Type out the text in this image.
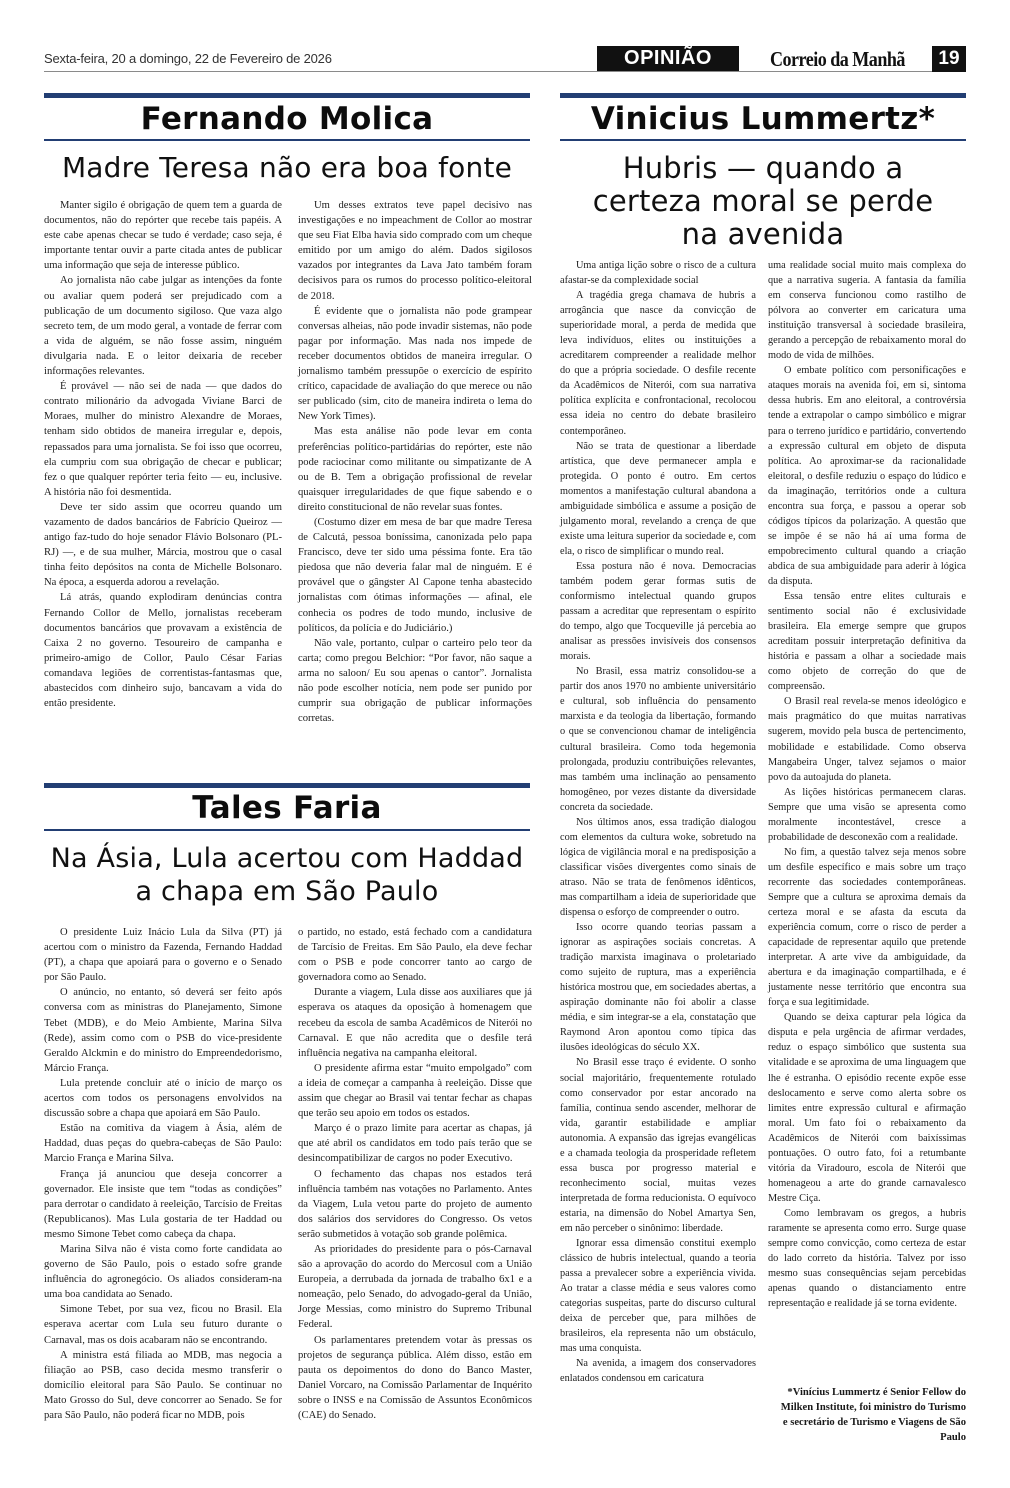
Sexta-feira, 20 a domingo, 22 de Fevereiro de 2026	OPINIÃO	Correio da Manhã	19
Fernando Molica
Madre Teresa não era boa fonte

Manter sigilo é obrigação de quem tem a guarda de documentos, não do repórter que recebe tais papéis. A este cabe apenas checar se tudo é verdade; caso seja, é importante tentar ouvir a parte citada antes de publicar uma informação que seja de interesse público.

Ao jornalista não cabe julgar as intenções da fonte ou avaliar quem poderá ser prejudicado com a publicação de um documento sigiloso. Que vaza algo secreto tem, de um modo geral, a vontade de ferrar com a vida de alguém, se não fosse assim, ninguém divulgaria nada. E o leitor deixaria de receber informações relevantes.

É provável — não sei de nada — que dados do contrato milionário da advogada Viviane Barci de Moraes, mulher do ministro Alexandre de Moraes, tenham sido obtidos de maneira irregular e, depois, repassados para uma jornalista. Se foi isso que ocorreu, ela cumpriu com sua obrigação de checar e publicar; fez o que qualquer repórter teria feito — eu, inclusive. A história não foi desmentida.

Deve ter sido assim que ocorreu quando um vazamento de dados bancários de Fabrício Queiroz — antigo faz-tudo do hoje senador Flávio Bolsonaro (PL-RJ) —, e de sua mulher, Márcia, mostrou que o casal tinha feito depósitos na conta de Michelle Bolsonaro. Na época, a esquerda adorou a revelação.

Lá atrás, quando explodiram denúncias contra Fernando Collor de Mello, jornalistas receberam documentos bancários que provavam a existência de Caixa 2 no governo. Tesoureiro de campanha e primeiro-amigo de Collor, Paulo César Farias comandava legiões de correntistas-fantasmas que, abastecidos com dinheiro sujo, bancavam a vida do então presidente.

Um desses extratos teve papel decisivo nas investigações e no impeachment de Collor ao mostrar que seu Fiat Elba havia sido comprado com um cheque emitido por um amigo do além. Dados sigilosos vazados por integrantes da Lava Jato também foram decisivos para os rumos do processo político-eleitoral de 2018.

É evidente que o jornalista não pode grampear conversas alheias, não pode invadir sistemas, não pode pagar por informação. Mas nada nos impede de receber documentos obtidos de maneira irregular. O jornalismo também pressupõe o exercício de espírito crítico, capacidade de avaliação do que merece ou não ser publicado (sim, cito de maneira indireta o lema do New York Times).

Mas esta análise não pode levar em conta preferências político-partidárias do repórter, este não pode raciocinar como militante ou simpatizante de A ou de B. Tem a obrigação profissional de revelar quaisquer irregularidades de que fique sabendo e o direito constitucional de não revelar suas fontes.

(Costumo dizer em mesa de bar que madre Teresa de Calcutá, pessoa boníssima, canonizada pelo papa Francisco, deve ter sido uma péssima fonte. Era tão piedosa que não deveria falar mal de ninguém. E é provável que o gângster Al Capone tenha abastecido jornalistas com ótimas informações — afinal, ele conhecia os podres de todo mundo, inclusive de políticos, da polícia e do Judiciário.)

Não vale, portanto, culpar o carteiro pelo teor da carta; como pregou Belchior: “Por favor, não saque a arma no saloon/ Eu sou apenas o cantor”. Jornalista não pode escolher notícia, nem pode ser punido por cumprir sua obrigação de publicar informações corretas.

Tales Faria
Na Ásia, Lula acertou com Haddad a chapa em São Paulo

O presidente Luiz Inácio Lula da Silva (PT) já acertou com o ministro da Fazenda, Fernando Haddad (PT), a chapa que apoiará para o governo e o Senado por São Paulo.

O anúncio, no entanto, só deverá ser feito após conversa com as ministras do Planejamento, Simone Tebet (MDB), e do Meio Ambiente, Marina Silva (Rede), assim como com o PSB do vice-presidente Geraldo Alckmin e do ministro do Empreendedorismo, Márcio França.

Lula pretende concluir até o início de março os acertos com todos os personagens envolvidos na discussão sobre a chapa que apoiará em São Paulo.

Estão na comitiva da viagem à Ásia, além de Haddad, duas peças do quebra-cabeças de São Paulo: Marcio França e Marina Silva.

França já anunciou que deseja concorrer a governador. Ele insiste que tem “todas as condições” para derrotar o candidato à reeleição, Tarcísio de Freitas (Republicanos). Mas Lula gostaria de ter Haddad ou mesmo Simone Tebet como cabeça da chapa.

Marina Silva não é vista como forte candidata ao governo de São Paulo, pois o estado sofre grande influência do agronegócio. Os aliados consideram-na uma boa candidata ao Senado.

Simone Tebet, por sua vez, ficou no Brasil. Ela esperava acertar com Lula seu futuro durante o Carnaval, mas os dois acabaram não se encontrando.

A ministra está filiada ao MDB, mas negocia a filiação ao PSB, caso decida mesmo transferir o domicílio eleitoral para São Paulo. Se continuar no Mato Grosso do Sul, deve concorrer ao Senado. Se for para São Paulo, não poderá ficar no MDB, pois

o partido, no estado, está fechado com a candidatura de Tarcísio de Freitas. Em São Paulo, ela deve fechar com o PSB e pode concorrer tanto ao cargo de governadora como ao Senado.

Durante a viagem, Lula disse aos auxiliares que já esperava os ataques da oposição à homenagem que recebeu da escola de samba Acadêmicos de Niterói no Carnaval. E que não acredita que o desfile terá influência negativa na campanha eleitoral.

O presidente afirma estar “muito empolgado” com a ideia de começar a campanha à reeleição. Disse que assim que chegar ao Brasil vai tentar fechar as chapas que terão seu apoio em todos os estados.

Março é o prazo limite para acertar as chapas, já que até abril os candidatos em todo país terão que se desincompatibilizar de cargos no poder Executivo.

O fechamento das chapas nos estados terá influência também nas votações no Parlamento. Antes da Viagem, Lula vetou parte do projeto de aumento dos salários dos servidores do Congresso. Os vetos serão submetidos à votação sob grande polêmica.

As prioridades do presidente para o pós-Carnaval são a aprovação do acordo do Mercosul com a União Europeia, a derrubada da jornada de trabalho 6x1 e a nomeação, pelo Senado, do advogado-geral da União, Jorge Messias, como ministro do Supremo Tribunal Federal.

Os parlamentares pretendem votar às pressas os projetos de segurança pública. Além disso, estão em pauta os depoimentos do dono do Banco Master, Daniel Vorcaro, na Comissão Parlamentar de Inquérito sobre o INSS e na Comissão de Assuntos Econômicos (CAE) do Senado.

Vinicius Lummertz*
Hubris — quando a certeza moral se perde na avenida

Uma antiga lição sobre o risco de a cultura afastar-se da complexidade social

A tragédia grega chamava de hubris a arrogância que nasce da convicção de superioridade moral, a perda de medida que leva indivíduos, elites ou instituições a acreditarem compreender a realidade melhor do que a própria sociedade. O desfile recente da Acadêmicos de Niterói, com sua narrativa política explícita e confrontacional, recolocou essa ideia no centro do debate brasileiro contemporâneo.

Não se trata de questionar a liberdade artística, que deve permanecer ampla e protegida. O ponto é outro. Em certos momentos a manifestação cultural abandona a ambiguidade simbólica e assume a posição de julgamento moral, revelando a crença de que existe uma leitura superior da sociedade e, com ela, o risco de simplificar o mundo real.

Essa postura não é nova. Democracias também podem gerar formas sutis de conformismo intelectual quando grupos passam a acreditar que representam o espírito do tempo, algo que Tocqueville já percebia ao analisar as pressões invisíveis dos consensos morais.

No Brasil, essa matriz consolidou-se a partir dos anos 1970 no ambiente universitário e cultural, sob influência do pensamento marxista e da teologia da libertação, formando o que se convencionou chamar de inteligência cultural brasileira. Como toda hegemonia prolongada, produziu contribuições relevantes, mas também uma inclinação ao pensamento homogêneo, por vezes distante da diversidade concreta da sociedade.

Nos últimos anos, essa tradição dialogou com elementos da cultura woke, sobretudo na lógica de vigilância moral e na predisposição a classificar visões divergentes como sinais de atraso. Não se trata de fenômenos idênticos, mas compartilham a ideia de superioridade que dispensa o esforço de compreender o outro.

Isso ocorre quando teorias passam a ignorar as aspirações sociais concretas. A tradição marxista imaginava o proletariado como sujeito de ruptura, mas a experiência histórica mostrou que, em sociedades abertas, a aspiração dominante não foi abolir a classe média, e sim integrar-se a ela, constatação que Raymond Aron apontou como típica das ilusões ideológicas do século XX.

No Brasil esse traço é evidente. O sonho social majoritário, frequentemente rotulado como conservador por estar ancorado na família, continua sendo ascender, melhorar de vida, garantir estabilidade e ampliar autonomia. A expansão das igrejas evangélicas e a chamada teologia da prosperidade refletem essa busca por progresso material e reconhecimento social, muitas vezes interpretada de forma reducionista. O equívoco estaria, na dimensão do Nobel Amartya Sen, em não perceber o sinônimo: liberdade.

Ignorar essa dimensão constitui exemplo clássico de hubris intelectual, quando a teoria passa a prevalecer sobre a experiência vivida. Ao tratar a classe média e seus valores como categorias suspeitas, parte do discurso cultural deixa de perceber que, para milhões de brasileiros, ela representa não um obstáculo, mas uma conquista.

Na avenida, a imagem dos conservadores enlatados condensou em caricatura

uma realidade social muito mais complexa do que a narrativa sugeria. A fantasia da família em conserva funcionou como rastilho de pólvora ao converter em caricatura uma instituição transversal à sociedade brasileira, gerando a percepção de rebaixamento moral do modo de vida de milhões.

O embate político com personificações e ataques morais na avenida foi, em si, sintoma dessa hubris. Em ano eleitoral, a controvérsia tende a extrapolar o campo simbólico e migrar para o terreno jurídico e partidário, convertendo a expressão cultural em objeto de disputa política. Ao aproximar-se da racionalidade eleitoral, o desfile reduziu o espaço do lúdico e da imaginação, territórios onde a cultura encontra sua força, e passou a operar sob códigos típicos da polarização. A questão que se impõe é se não há aí uma forma de empobrecimento cultural quando a criação abdica de sua ambiguidade para aderir à lógica da disputa.

Essa tensão entre elites culturais e sentimento social não é exclusividade brasileira. Ela emerge sempre que grupos acreditam possuir interpretação definitiva da história e passam a olhar a sociedade mais como objeto de correção do que de compreensão.

O Brasil real revela-se menos ideológico e mais pragmático do que muitas narrativas sugerem, movido pela busca de pertencimento, mobilidade e estabilidade. Como observa Mangabeira Unger, talvez sejamos o maior povo da autoajuda do planeta.

As lições históricas permanecem claras. Sempre que uma visão se apresenta como moralmente incontestável, cresce a probabilidade de desconexão com a realidade.

No fim, a questão talvez seja menos sobre um desfile específico e mais sobre um traço recorrente das sociedades contemporâneas. Sempre que a cultura se aproxima demais da certeza moral e se afasta da escuta da experiência comum, corre o risco de perder a capacidade de representar aquilo que pretende interpretar. A arte vive da ambiguidade, da abertura e da imaginação compartilhada, e é justamente nesse território que encontra sua força e sua legitimidade.

Quando se deixa capturar pela lógica da disputa e pela urgência de afirmar verdades, reduz o espaço simbólico que sustenta sua vitalidade e se aproxima de uma linguagem que lhe é estranha. O episódio recente expõe esse deslocamento e serve como alerta sobre os limites entre expressão cultural e afirmação moral. Um fato foi o rebaixamento da Acadêmicos de Niterói com baixíssimas pontuações. O outro fato, foi a retumbante vitória da Viradouro, escola de Niterói que homenageou a arte do grande carnavalesco Mestre Ciça.

Como lembravam os gregos, a hubris raramente se apresenta como erro. Surge quase sempre como convicção, como certeza de estar do lado correto da história. Talvez por isso mesmo suas consequências sejam percebidas apenas quando o distanciamento entre representação e realidade já se torna evidente.

*Vinícius Lummertz é Senior Fellow do Milken Institute, foi ministro do Turismo e secretário de Turismo e Viagens de São Paulo
